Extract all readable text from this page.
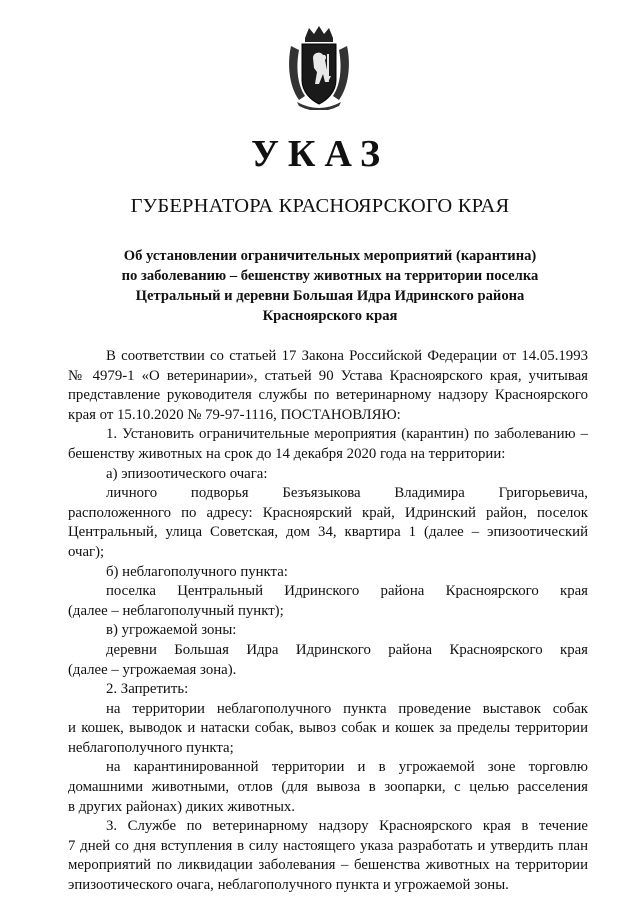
УКАЗ
ГУБЕРНАТОРА КРАСНОЯРСКОГО КРАЯ
Об установлении ограничительных мероприятий (карантина)
по заболеванию – бешенству животных на территории поселка
Цетральный и деревни Большая Идра Идринского района
Красноярского края
В соответствии со статьей 17 Закона Российской Федерации от 14.05.1993
№ 4979-1 «О ветеринарии», статьей 90 Устава Красноярского края, учитывая
представление руководителя службы по ветеринарному надзору Красноярского
края от 15.10.2020 № 79-97-1116, ПОСТАНОВЛЯЮ:
1. Установить ограничительные мероприятия (карантин) по заболеванию –
бешенству животных на срок до 14 декабря 2020 года на территории:
а) эпизоотического очага:
личного подворья Безъязыкова Владимира Григорьевича,
расположенного по адресу: Красноярский край, Идринский район, поселок
Центральный, улица Советская, дом 34, квартира 1 (далее – эпизоотический
очаг);
б) неблагополучного пункта:
поселка Центральный Идринского района Красноярского края
(далее – неблагополучный пункт);
в) угрожаемой зоны:
деревни Большая Идра Идринского района Красноярского края
(далее – угрожаемая зона).
2. Запретить:
на территории неблагополучного пункта проведение выставок собак
и кошек, выводок и натаски собак, вывоз собак и кошек за пределы территории
неблагополучного пункта;
на карантинированной территории и в угрожаемой зоне торговлю
домашними животными, отлов (для вывоза в зоопарки, с целью расселения
в других районах) диких животных.
3. Службе по ветеринарному надзору Красноярского края в течение
7 дней со дня вступления в силу настоящего указа разработать и утвердить план
мероприятий по ликвидации заболевания – бешенства животных на территории
эпизоотического очага, неблагополучного пункта и угрожаемой зоны.
